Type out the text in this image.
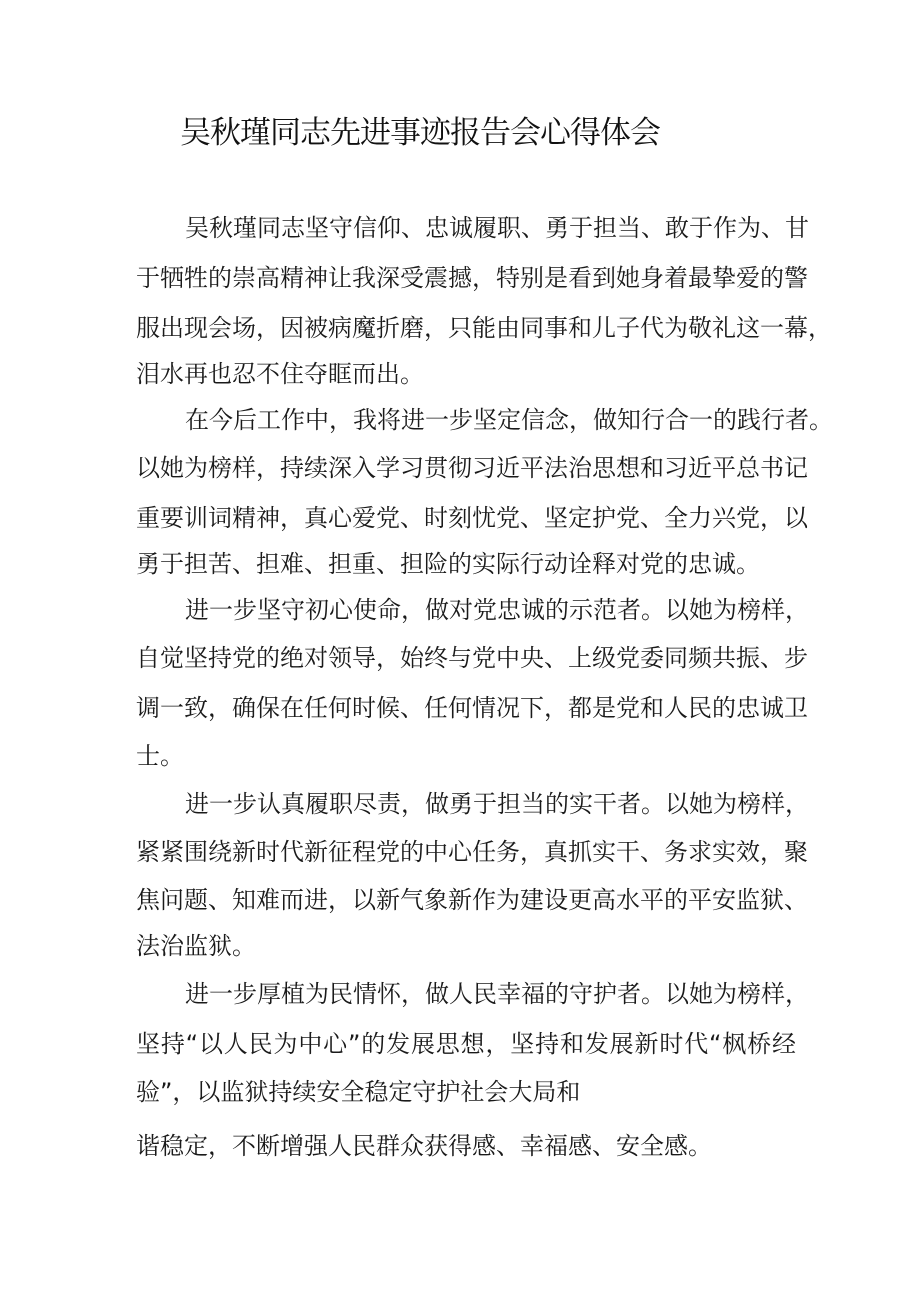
吴秋瑾同志先进事迹报告会心得体会
吴秋瑾同志坚守信仰、忠诚履职、勇于担当、敢于作为、甘
于牺牲的崇高精神让我深受震撼，特别是看到她身着最挚爱的警
服出现会场，因被病魔折磨，只能由同事和儿子代为敬礼这一幕，
泪水再也忍不住夺眶而出。
在今后工作中，我将进一步坚定信念，做知行合一的践行者。
以她为榜样，持续深入学习贯彻习近平法治思想和习近平总书记
重要训词精神，真心爱党、时刻忧党、坚定护党、全力兴党，以
勇于担苦、担难、担重、担险的实际行动诠释对党的忠诚。
进一步坚守初心使命，做对党忠诚的示范者。以她为榜样，
自觉坚持党的绝对领导，始终与党中央、上级党委同频共振、步
调一致，确保在任何时候、任何情况下，都是党和人民的忠诚卫
士。
进一步认真履职尽责，做勇于担当的实干者。以她为榜样，
紧紧围绕新时代新征程党的中心任务，真抓实干、务求实效，聚
焦问题、知难而进，以新气象新作为建设更高水平的平安监狱、
法治监狱。
进一步厚植为民情怀，做人民幸福的守护者。以她为榜样，
坚持“以人民为中心”的发展思想，坚持和发展新时代“枫桥经
验”，以监狱持续安全稳定守护社会大局和
谐稳定，不断增强人民群众获得感、幸福感、安全感。
